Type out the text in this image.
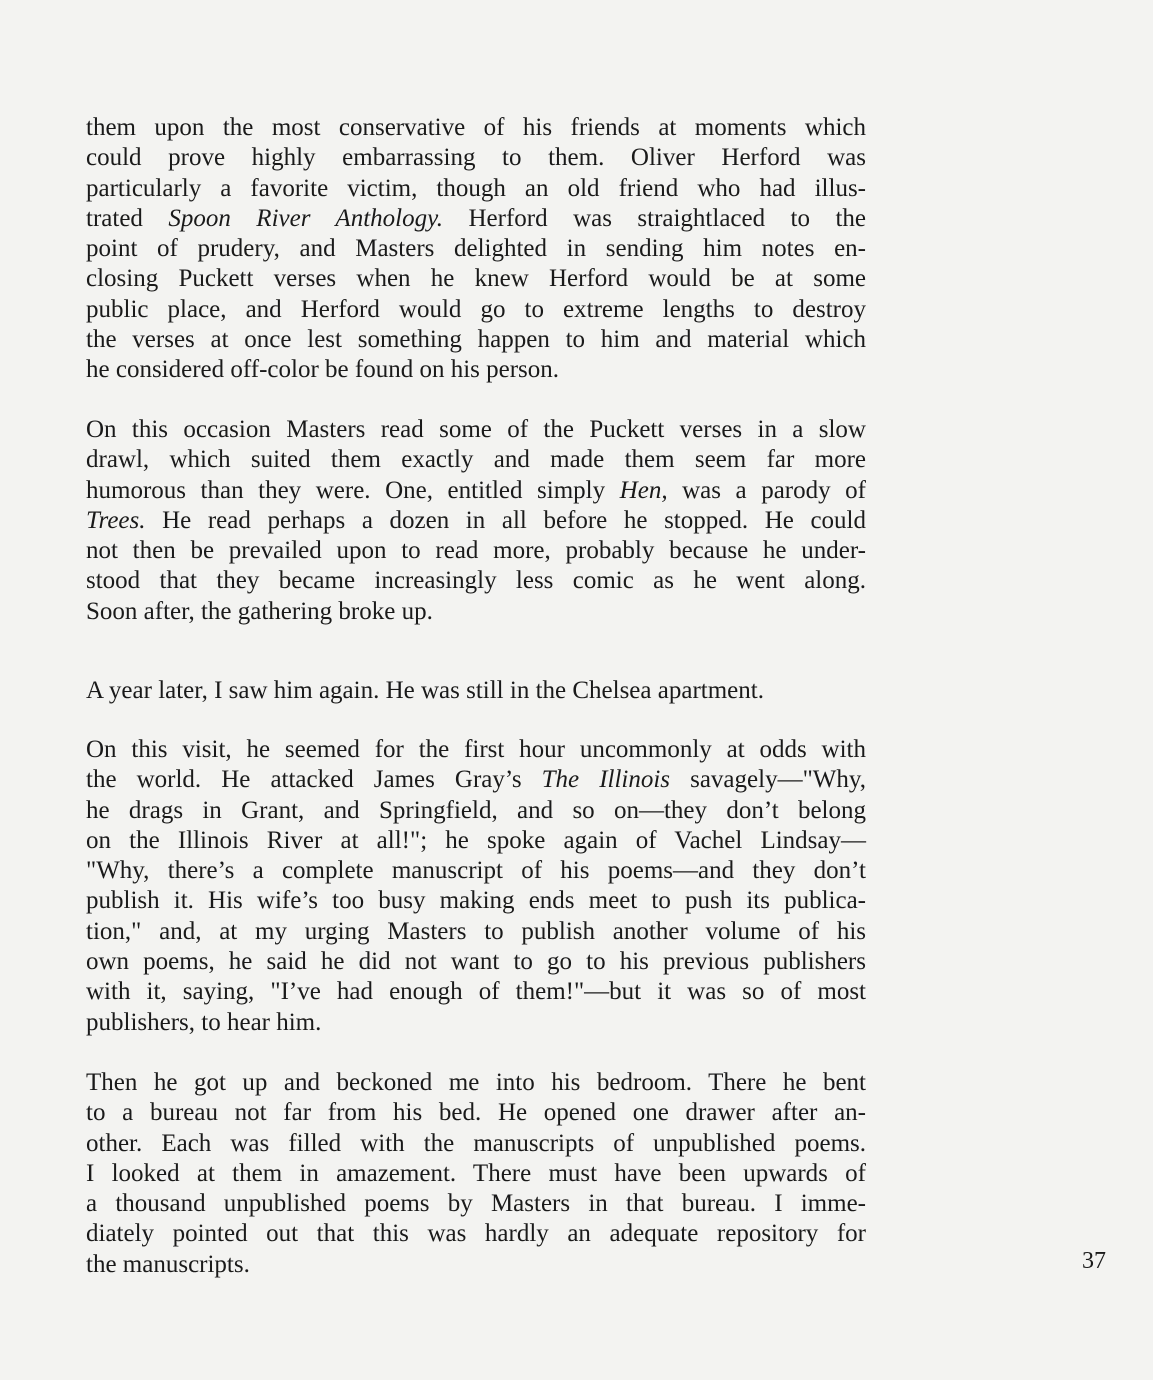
them upon the most conservative of his friends at moments which
could prove highly embarrassing to them. Oliver Herford was
particularly a favorite victim, though an old friend who had illus-
trated Spoon River Anthology. Herford was straightlaced to the
point of prudery, and Masters delighted in sending him notes en-
closing Puckett verses when he knew Herford would be at some
public place, and Herford would go to extreme lengths to destroy
the verses at once lest something happen to him and material which
he considered off-color be found on his person.
On this occasion Masters read some of the Puckett verses in a slow
drawl, which suited them exactly and made them seem far more
humorous than they were. One, entitled simply Hen, was a parody of
Trees. He read perhaps a dozen in all before he stopped. He could
not then be prevailed upon to read more, probably because he under-
stood that they became increasingly less comic as he went along.
Soon after, the gathering broke up.
A year later, I saw him again. He was still in the Chelsea apartment.
On this visit, he seemed for the first hour uncommonly at odds with
the world. He attacked James Gray’s The Illinois savagely—"Why,
he drags in Grant, and Springfield, and so on—they don’t belong
on the Illinois River at all!"; he spoke again of Vachel Lindsay—
"Why, there’s a complete manuscript of his poems—and they don’t
publish it. His wife’s too busy making ends meet to push its publica-
tion," and, at my urging Masters to publish another volume of his
own poems, he said he did not want to go to his previous publishers
with it, saying, "I’ve had enough of them!"—but it was so of most
publishers, to hear him.
Then he got up and beckoned me into his bedroom. There he bent
to a bureau not far from his bed. He opened one drawer after an-
other. Each was filled with the manuscripts of unpublished poems.
I looked at them in amazement. There must have been upwards of
a thousand unpublished poems by Masters in that bureau. I imme-
diately pointed out that this was hardly an adequate repository for
the manuscripts.	37
